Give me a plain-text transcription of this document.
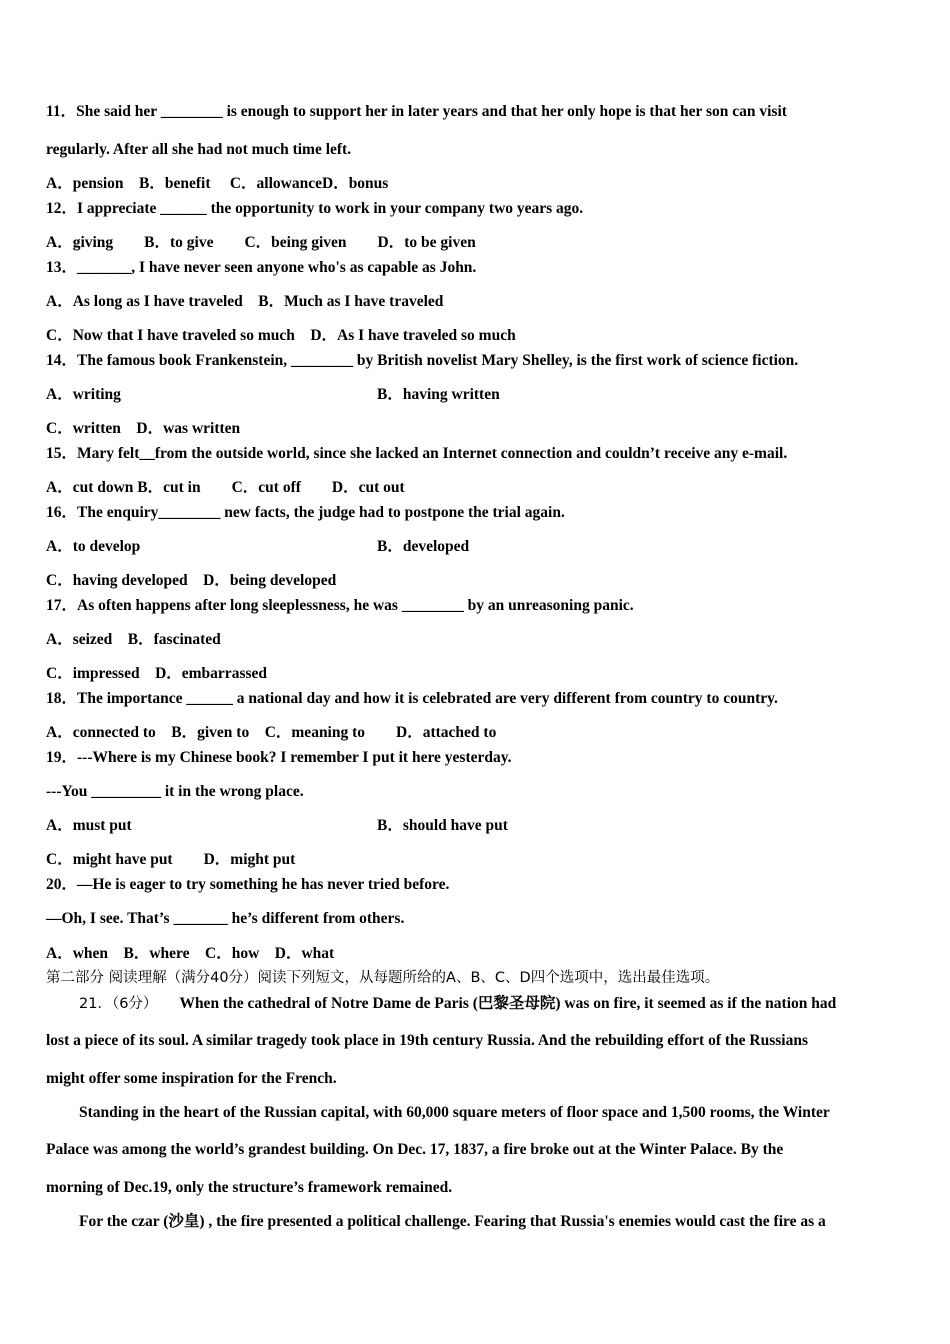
11．She said her ________ is enough to support her in later years and that her only hope is that her son can visit
regularly. After all she had not much time left.
A．pension　B．benefit　 C．allowanceD．bonus
12．I appreciate ______ the opportunity to work in your company two years ago.
A．giving　　B．to give　　C．being given　　D．to be given
13．_______, I have never seen anyone who's as capable as John.
A．As long as I have traveled　B．Much as I have traveled
C．Now that I have traveled so much　D．As I have traveled so much
14．The famous book Frankenstein, ________ by British novelist Mary Shelley, is the first work of science fiction.
A．writing	B．having written
C．written　D．was written
15．Mary felt__from the outside world, since she lacked an Internet connection and couldn’t receive any e-mail.
A．cut down B．cut in　　C．cut off　　D．cut out
16．The enquiry________ new facts, the judge had to postpone the trial again.
A．to develop	B．developed
C．having developed　D．being developed
17．As often happens after long sleeplessness, he was ________ by an unreasoning panic.
A．seized　B．fascinated
C．impressed　D．embarrassed
18．The importance ______ a national day and how it is celebrated are very different from country to country.
A．connected to　B．given to　C．meaning to　　D．attached to
19．---Where is my Chinese book? I remember I put it here yesterday.
---You _________ it in the wrong place.
A．must put	B．should have put
C．might have put　　D．might put
20．—He is eager to try something he has never tried before.
—Oh, I see. That’s _______ he’s different from others.
A．when　B．where　C．how　D．what
第二部分 阅读理解（满分40分）阅读下列短文，从每题所给的A、B、C、D四个选项中，选出最佳选项。
21．（6分） When the cathedral of Notre Dame de Paris (巴黎圣母院) was on fire, it seemed as if the nation had
lost a piece of its soul. A similar tragedy took place in 19th century Russia. And the rebuilding effort of the Russians
might offer some inspiration for the French.
Standing in the heart of the Russian capital, with 60,000 square meters of floor space and 1,500 rooms, the Winter
Palace was among the world’s grandest building. On Dec. 17, 1837, a fire broke out at the Winter Palace. By the
morning of Dec.19, only the structure’s framework remained.
For the czar (沙皇) , the fire presented a political challenge. Fearing that Russia's enemies would cast the fire as a
